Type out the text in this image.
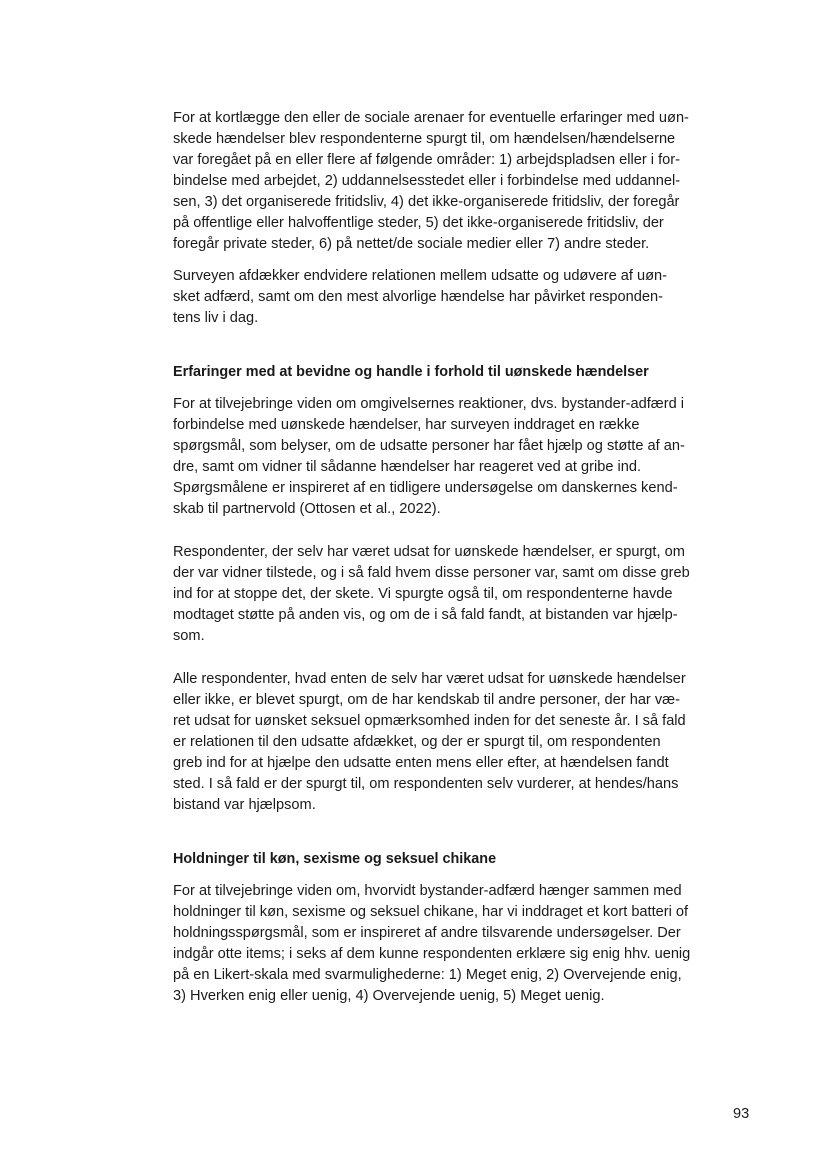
For at kortlægge den eller de sociale arenaer for eventuelle erfaringer med uøn-
skede hændelser blev respondenterne spurgt til, om hændelsen/hændelserne
var foregået på en eller flere af følgende områder: 1) arbejdspladsen eller i for-
bindelse med arbejdet, 2) uddannelsesstedet eller i forbindelse med uddannel-
sen, 3) det organiserede fritidsliv, 4) det ikke-organiserede fritidsliv, der foregår
på offentlige eller halvoffentlige steder, 5) det ikke-organiserede fritidsliv, der
foregår private steder, 6) på nettet/de sociale medier eller 7) andre steder.
Surveyen afdækker endvidere relationen mellem udsatte og udøvere af uøn-
sket adfærd, samt om den mest alvorlige hændelse har påvirket responden-
tens liv i dag.
Erfaringer med at bevidne og handle i forhold til uønskede hændelser
For at tilvejebringe viden om omgivelsernes reaktioner, dvs. bystander-adfærd i
forbindelse med uønskede hændelser, har surveyen inddraget en række
spørgsmål, som belyser, om de udsatte personer har fået hjælp og støtte af an-
dre, samt om vidner til sådanne hændelser har reageret ved at gribe ind.
Spørgsmålene er inspireret af en tidligere undersøgelse om danskernes kend-
skab til partnervold (Ottosen et al., 2022).
Respondenter, der selv har været udsat for uønskede hændelser, er spurgt, om
der var vidner tilstede, og i så fald hvem disse personer var, samt om disse greb
ind for at stoppe det, der skete. Vi spurgte også til, om respondenterne havde
modtaget støtte på anden vis, og om de i så fald fandt, at bistanden var hjælp-
som.
Alle respondenter, hvad enten de selv har været udsat for uønskede hændelser
eller ikke, er blevet spurgt, om de har kendskab til andre personer, der har væ-
ret udsat for uønsket seksuel opmærksomhed inden for det seneste år. I så fald
er relationen til den udsatte afdækket, og der er spurgt til, om respondenten
greb ind for at hjælpe den udsatte enten mens eller efter, at hændelsen fandt
sted. I så fald er der spurgt til, om respondenten selv vurderer, at hendes/hans
bistand var hjælpsom.
Holdninger til køn, sexisme og seksuel chikane
For at tilvejebringe viden om, hvorvidt bystander-adfærd hænger sammen med
holdninger til køn, sexisme og seksuel chikane, har vi inddraget et kort batteri of
holdningsspørgsmål, som er inspireret af andre tilsvarende undersøgelser. Der
indgår otte items; i seks af dem kunne respondenten erklære sig enig hhv. uenig
på en Likert-skala med svarmulighederne: 1) Meget enig, 2) Overvejende enig,
3) Hverken enig eller uenig, 4) Overvejende uenig, 5) Meget uenig.
93
